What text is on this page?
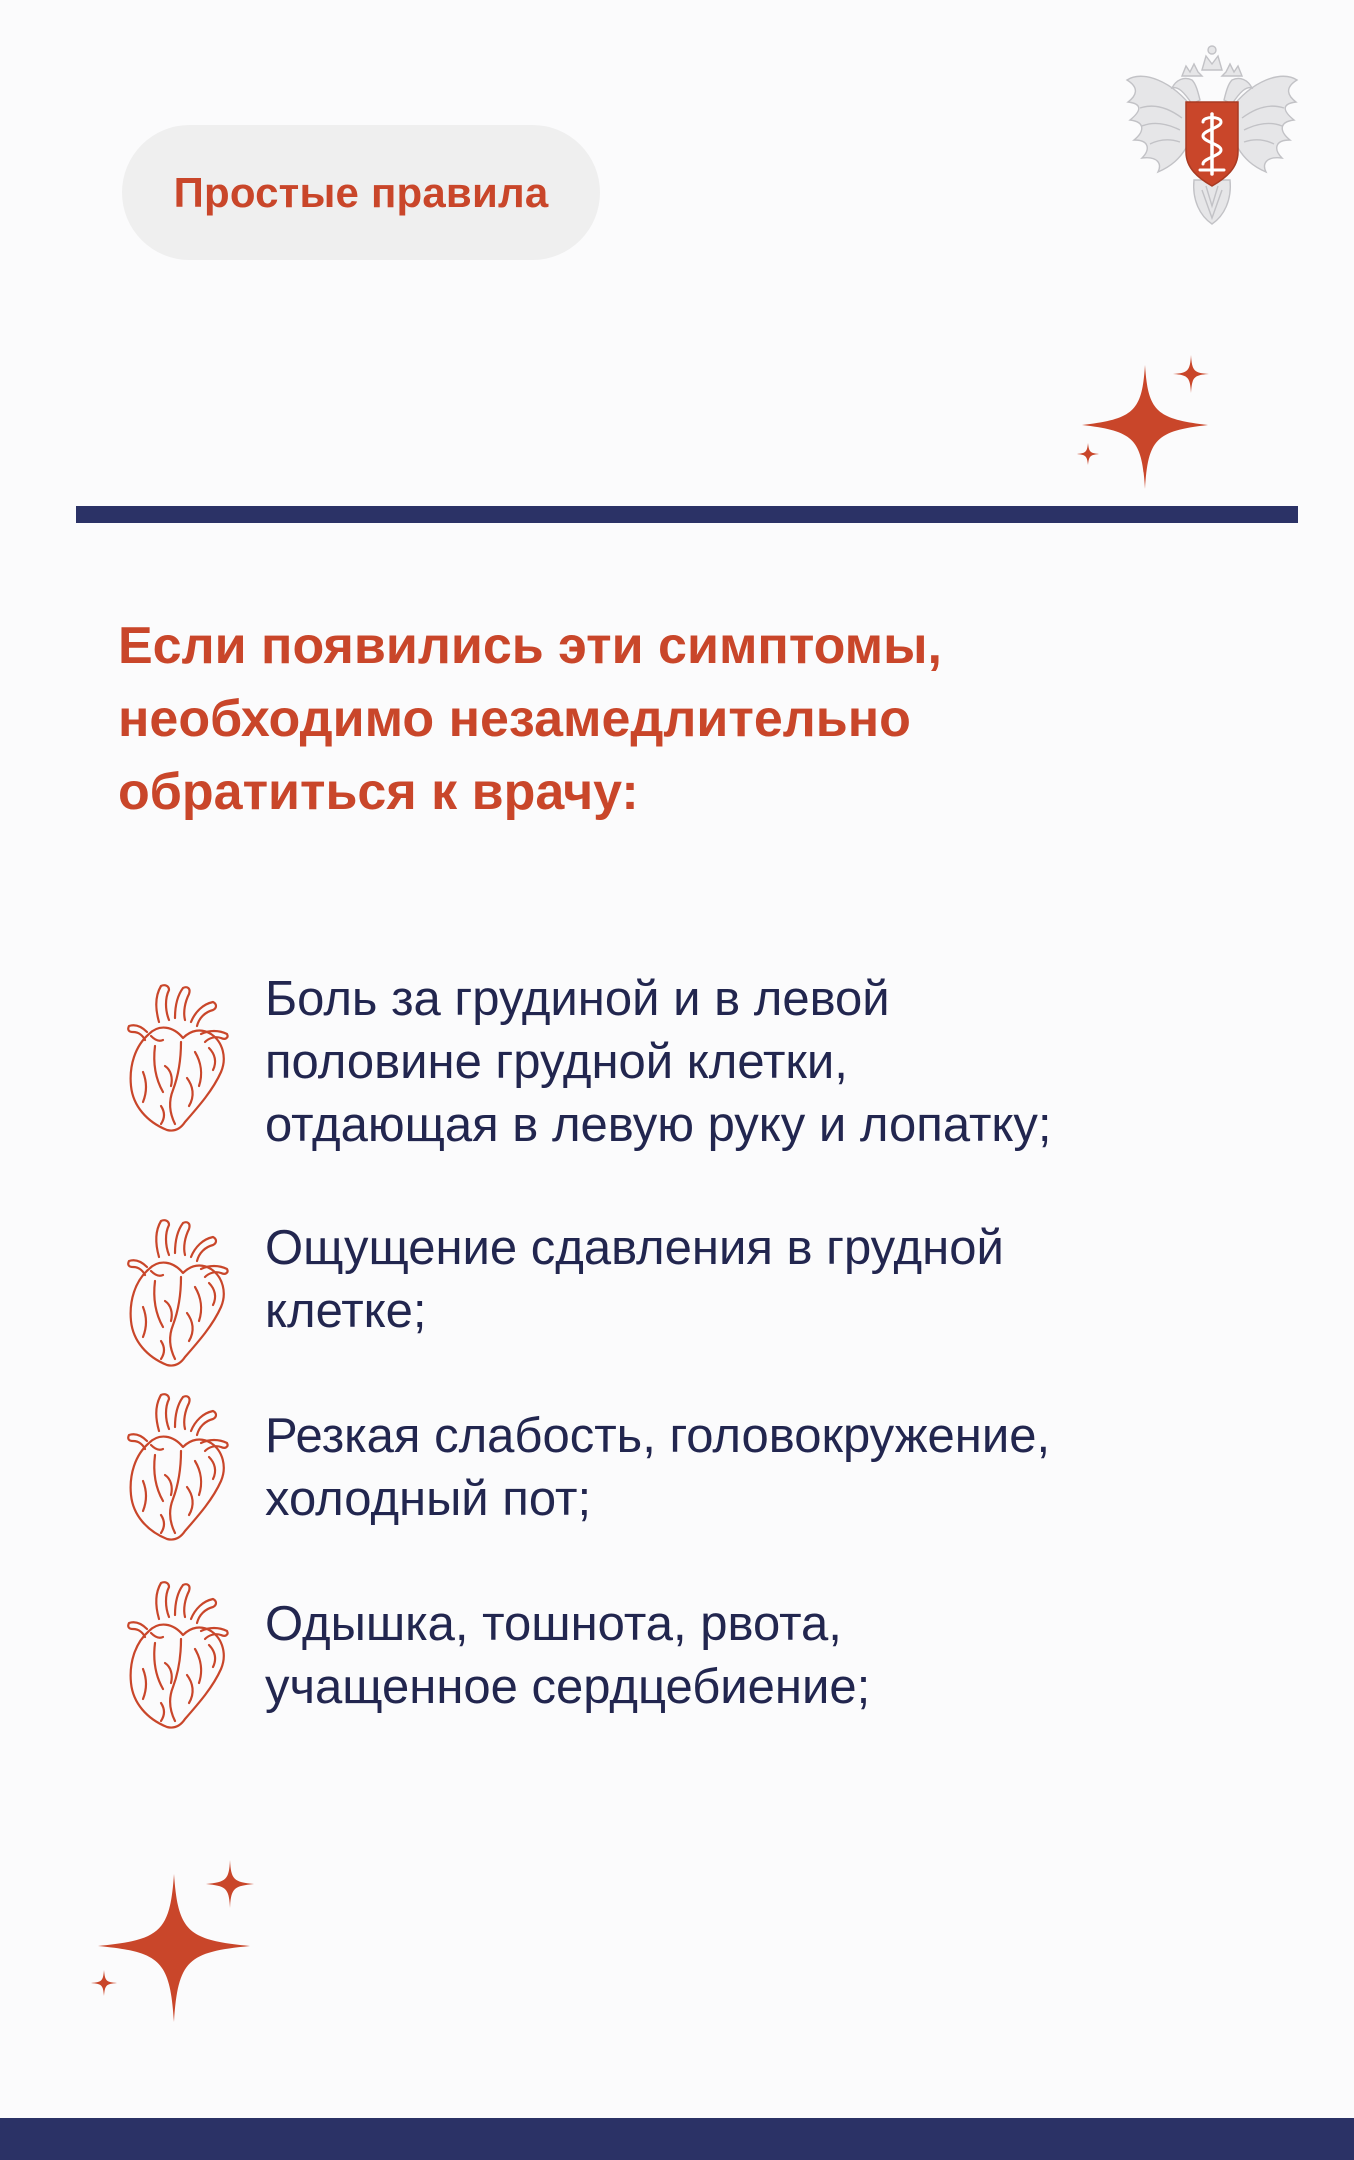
Простые правила
Если появились эти симптомы,
необходимо незамедлительно
обратиться к врачу:
Боль за грудиной и в левой
половине грудной клетки,
отдающая в левую руку и лопатку;
Ощущение сдавления в грудной
клетке;
Резкая слабость, головокружение,
холодный пот;
Одышка, тошнота, рвота,
учащенное сердцебиение;
